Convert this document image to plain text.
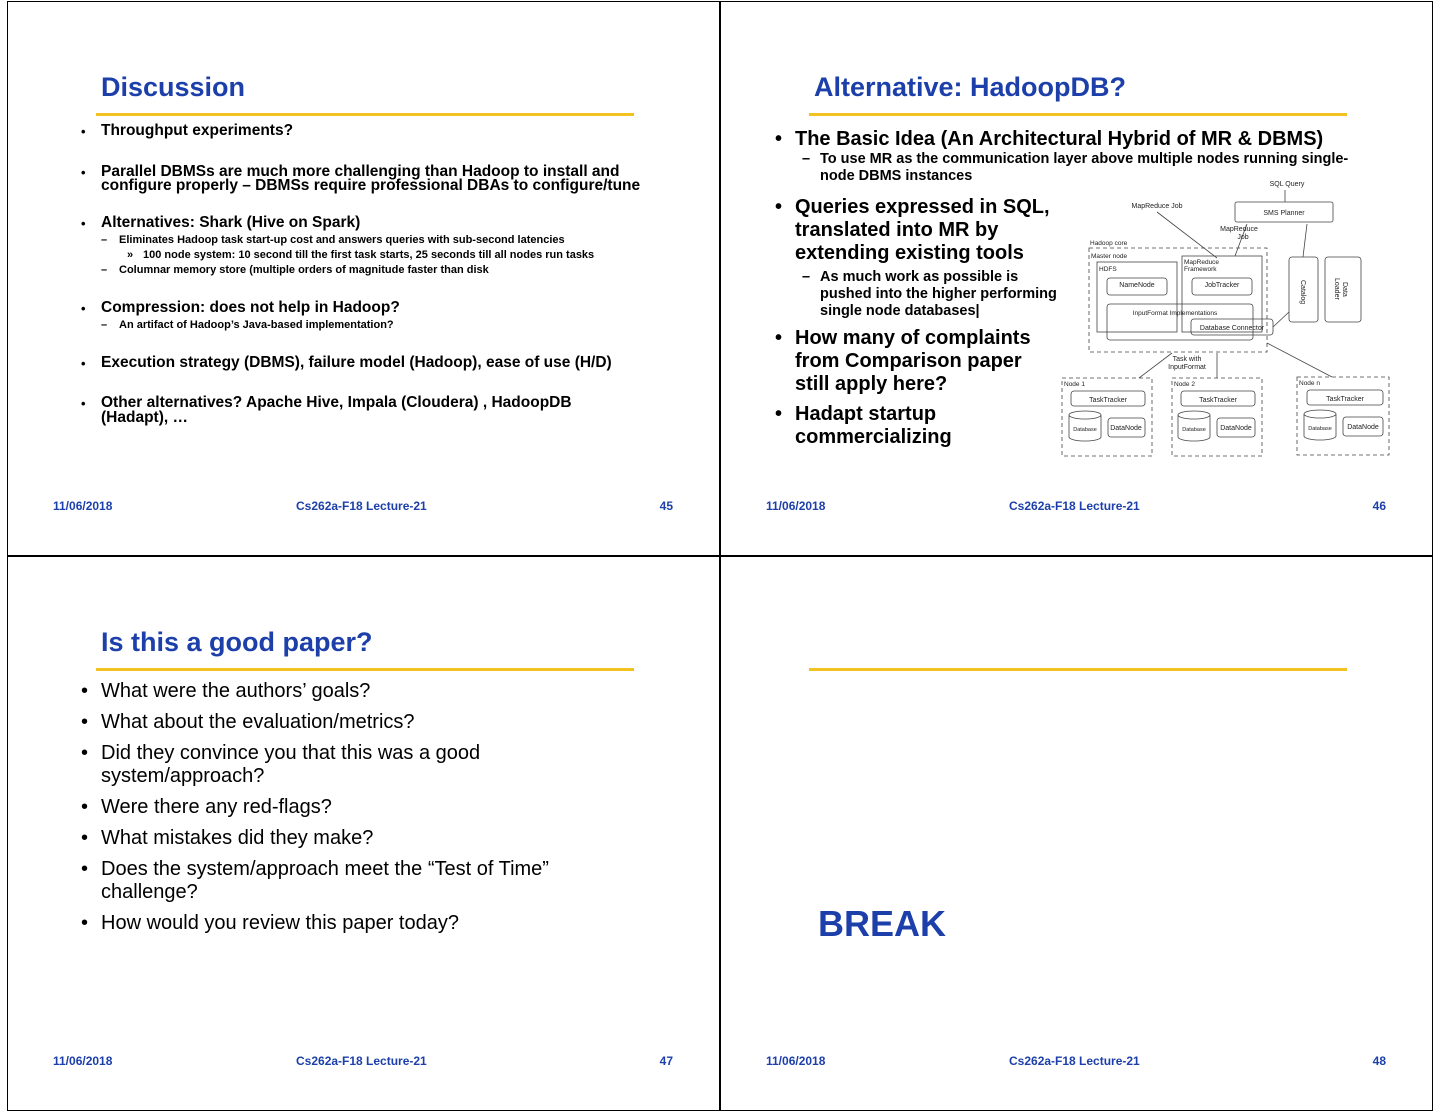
Discussion
• Throughput experiments?
• Parallel DBMSs are much more challenging than Hadoop to install and configure properly – DBMSs require professional DBAs to configure/tune
• Alternatives: Shark (Hive on Spark)
– Eliminates Hadoop task start-up cost and answers queries with sub-second latencies
» 100 node system: 10 second till the first task starts, 25 seconds till all nodes run tasks
– Columnar memory store (multiple orders of magnitude faster than disk
• Compression: does not help in Hadoop?
– An artifact of Hadoop’s Java-based implementation?
• Execution strategy (DBMS), failure model (Hadoop), ease of use (H/D)
• Other alternatives? Apache Hive, Impala (Cloudera) , HadoopDB (Hadapt), …
11/06/2018	Cs262a-F18 Lecture-21	45
Alternative: HadoopDB?
• The Basic Idea (An Architectural Hybrid of MR & DBMS)
– To use MR as the communication layer above multiple nodes running single-node DBMS instances
• Queries expressed in SQL, translated into MR by extending existing tools
– As much work as possible is pushed into the higher performing single node databases|
• How many of complaints from Comparison paper still apply here?
• Hadapt startup commercializing
SQL Query
SMS Planner
MapReduce Job
MapReduce
Job
NameNode	JobTracker
InputFormat Implementations
Database Connector
Task with
InputFormat
TaskTracker	TaskTracker	TaskTracker
Database	Database	Database
DataNode	DataNode	DataNode
Hadoop core
Master node
HDFS
MapReduce
Framework
Node 1	Node 2	Node n
Catalog	Data
Loader
11/06/2018	Cs262a-F18 Lecture-21	46
Is this a good paper?
• What were the authors’ goals?
• What about the evaluation/metrics?
• Did they convince you that this was a good system/approach?
• Were there any red-flags?
• What mistakes did they make?
• Does the system/approach meet the “Test of Time” challenge?
• How would you review this paper today?
11/06/2018	Cs262a-F18 Lecture-21	47
BREAK
11/06/2018	Cs262a-F18 Lecture-21	48
